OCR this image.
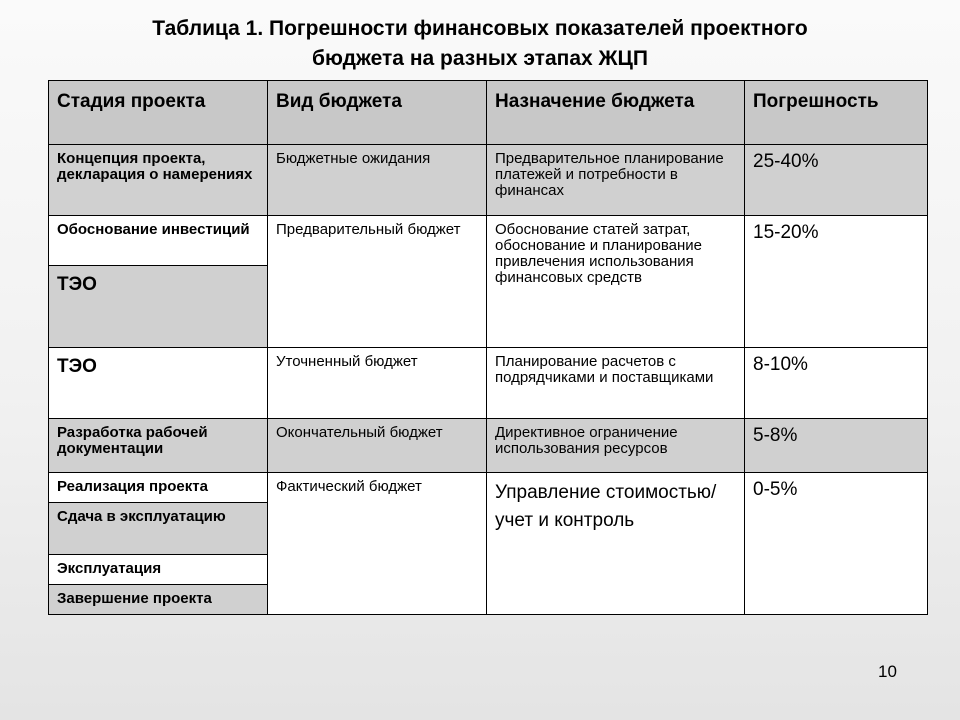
Таблица 1. Погрешности финансовых показателей проектного
бюджета на разных этапах ЖЦП
Стадия проекта	Вид бюджета	Назначение бюджета	Погрешность
Концепция проекта, декларация о намерениях	Бюджетные ожидания	Предварительное планирование платежей и потребности в финансах	25-40%
Обоснование инвестиций	Предварительный бюджет	Обоснование статей затрат, обоснование и планирование привлечения использования финансовых средств	15-20%
ТЭО			
ТЭО	Уточненный бюджет	Планирование расчетов с подрядчиками и поставщиками	8-10%
Разработка рабочей документации	Окончательный бюджет	Директивное ограничение использования ресурсов	5-8%
Реализация проекта	Фактический бюджет	Управление стоимостью/ учет и контроль	0-5%
Сдача в эксплуатацию			
Эксплуатация			
Завершение проекта			
10
